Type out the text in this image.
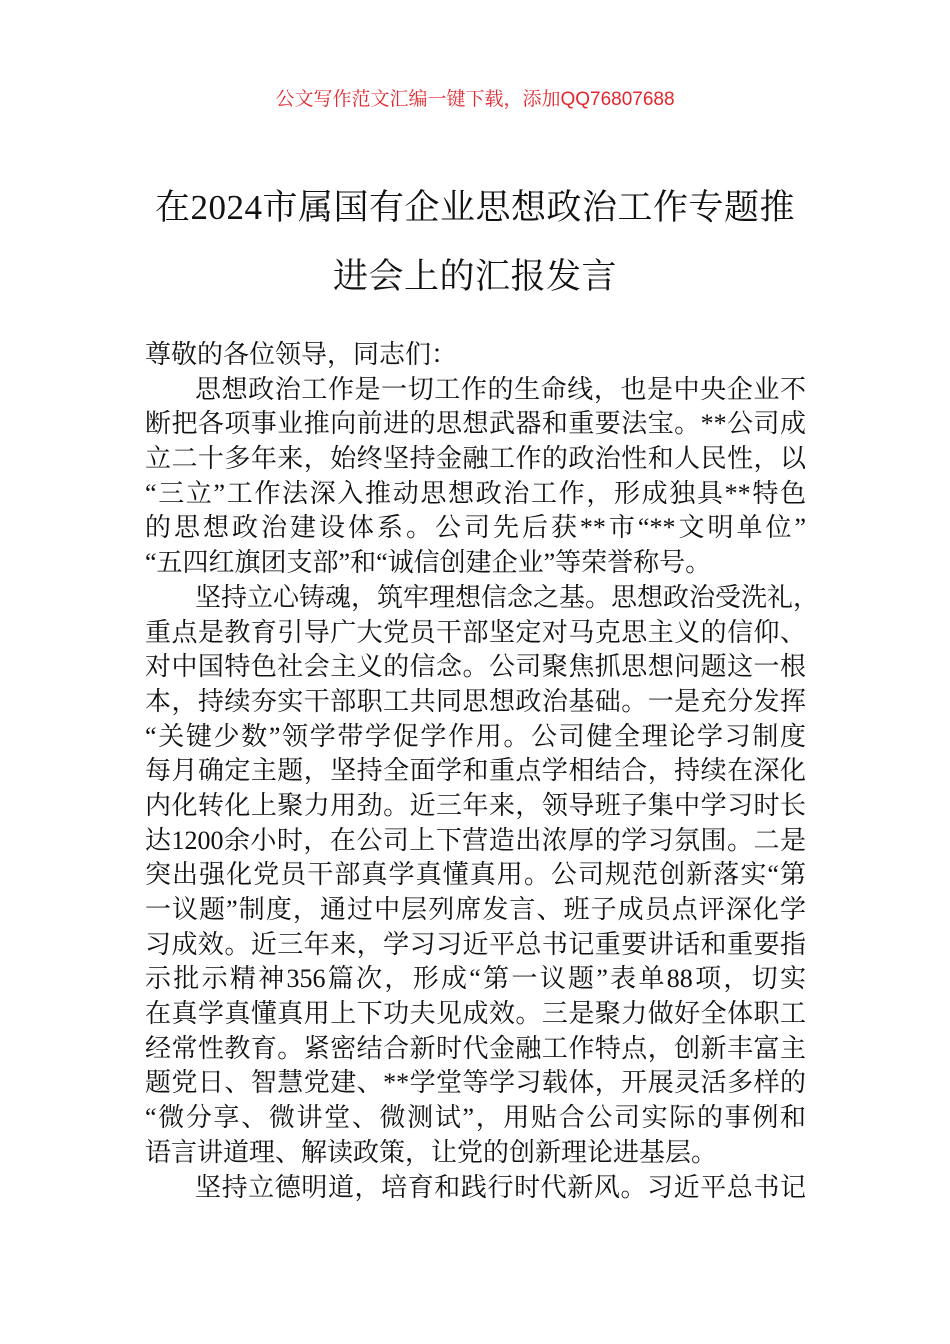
公文写作范文汇编一键下载，添加QQ76807688
在2024市属国有企业思想政治工作专题推
进会上的汇报发言
尊敬的各位领导，同志们：
思想政治工作是一切工作的生命线，也是中央企业不
断把各项事业推向前进的思想武器和重要法宝。**公司成
立二十多年来，始终坚持金融工作的政治性和人民性，以
“三立”工作法深入推动思想政治工作，形成独具**特色
的思想政治建设体系。公司先后获**市“**文明单位”
“五四红旗团支部”和“诚信创建企业”等荣誉称号。
坚持立心铸魂，筑牢理想信念之基。思想政治受洗礼，
重点是教育引导广大党员干部坚定对马克思主义的信仰、
对中国特色社会主义的信念。公司聚焦抓思想问题这一根
本，持续夯实干部职工共同思想政治基础。一是充分发挥
“关键少数”领学带学促学作用。公司健全理论学习制度
每月确定主题，坚持全面学和重点学相结合，持续在深化
内化转化上聚力用劲。近三年来，领导班子集中学习时长
达1200余小时，在公司上下营造出浓厚的学习氛围。二是
突出强化党员干部真学真懂真用。公司规范创新落实“第
一议题”制度，通过中层列席发言、班子成员点评深化学
习成效。近三年来，学习习近平总书记重要讲话和重要指
示批示精神356篇次，形成“第一议题”表单88项，切实
在真学真懂真用上下功夫见成效。三是聚力做好全体职工
经常性教育。紧密结合新时代金融工作特点，创新丰富主
题党日、智慧党建、**学堂等学习载体，开展灵活多样的
“微分享、微讲堂、微测试”，用贴合公司实际的事例和
语言讲道理、解读政策，让党的创新理论进基层。
坚持立德明道，培育和践行时代新风。习近平总书记
